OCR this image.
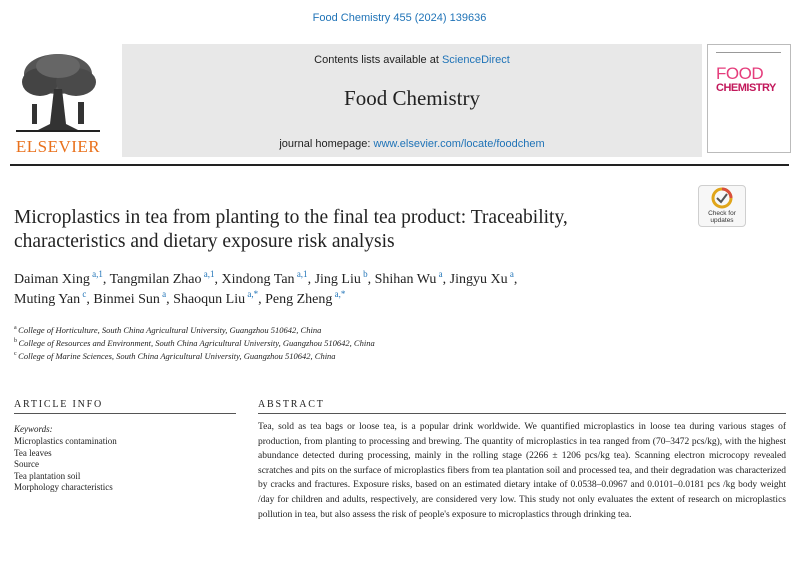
Food Chemistry 455 (2024) 139636
ELSEVIER
Contents lists available at ScienceDirect
Food Chemistry
journal homepage: www.elsevier.com/locate/foodchem
FOOD
CHEMISTRY
Check for
updates
Microplastics in tea from planting to the final tea product: Traceability, characteristics and dietary exposure risk analysis
Daiman Xing $^{a,1}$, Tangmilan Zhao $^{a,1}$, Xindong Tan $^{a,1}$, Jing Liu $^b$, Shihan Wu $^a$, Jingyu Xu $^a$,
Muting Yan $^c$, Binmei Sun $^a$, Shaoqun Liu $^{a,*}$, Peng Zheng $^{a,*}$
$^a$ College of Horticulture, South China Agricultural University, Guangzhou 510642, China
$^b$ College of Resources and Environment, South China Agricultural University, Guangzhou 510642, China
$^c$ College of Marine Sciences, South China Agricultural University, Guangzhou 510642, China
ARTICLE INFO
Keywords:
Microplastics contamination
Tea leaves
Source
Tea plantation soil
Morphology characteristics
ABSTRACT
Tea, sold as tea bags or loose tea, is a popular drink worldwide. We quantified microplastics in loose tea during various stages of production, from planting to processing and brewing. The quantity of microplastics in tea ranged from (70–3472 pcs/kg), with the highest abundance detected during processing, mainly in the rolling stage (2266 ± 1206 pcs/kg tea). Scanning electron microcopy revealed scratches and pits on the surface of microplastics fibers from tea plantation soil and processed tea, and their degradation was characterized by cracks and fractures. Exposure risks, based on an estimated dietary intake of 0.0538–0.0967 and 0.0101–0.0181 pcs /kg body weight /day for children and adults, respectively, are considered very low. This study not only evaluates the extent of research on microplastics pollution in tea, but also assess the risk of people's exposure to microplastics through drinking tea.
